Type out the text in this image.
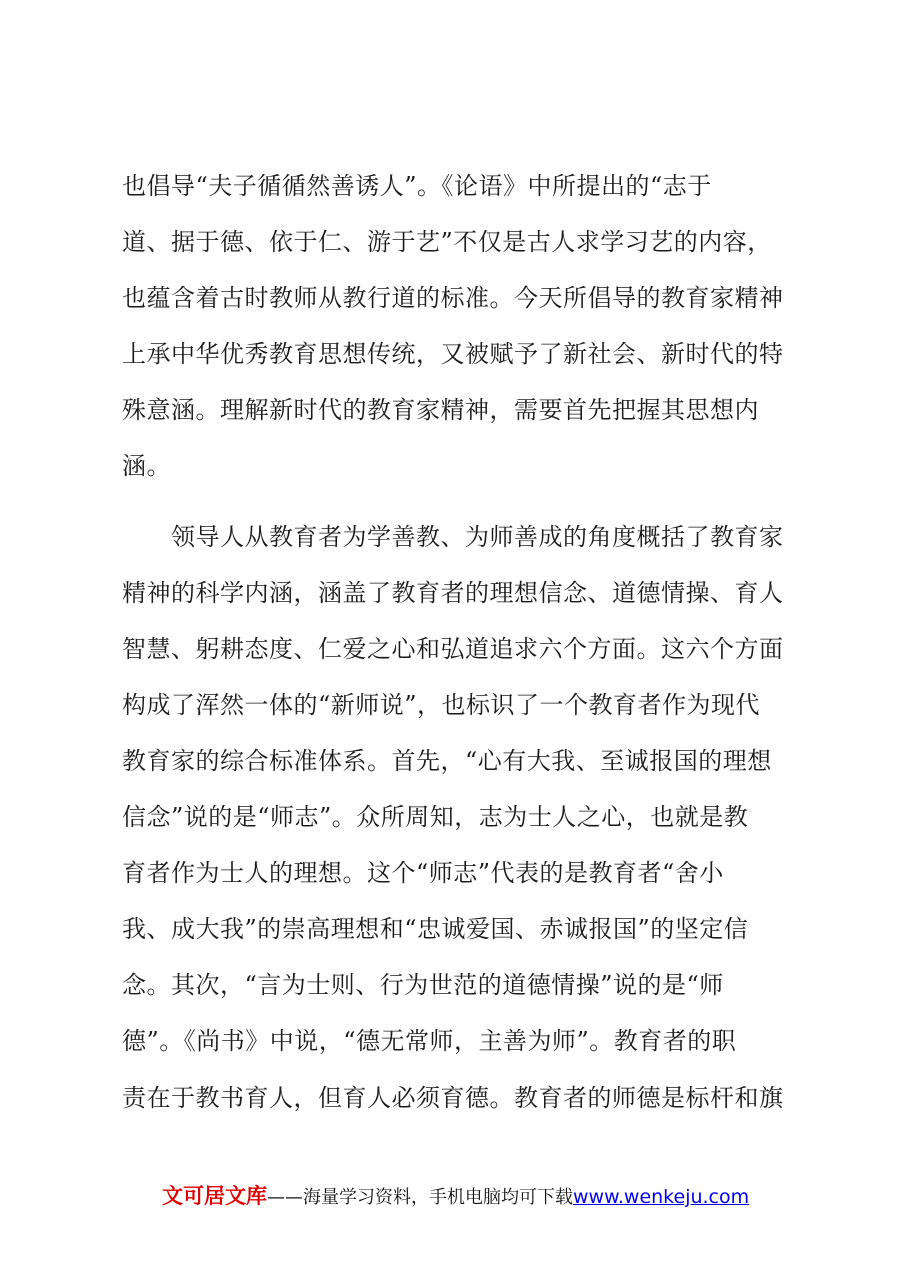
也倡导“夫子循循然善诱人”。《论语》中所提出的“志于
道、据于德、依于仁、游于艺”不仅是古人求学习艺的内容，
也蕴含着古时教师从教行道的标准。今天所倡导的教育家精神
上承中华优秀教育思想传统，又被赋予了新社会、新时代的特
殊意涵。理解新时代的教育家精神，需要首先把握其思想内
涵。
　　领导人从教育者为学善教、为师善成的角度概括了教育家
精神的科学内涵，涵盖了教育者的理想信念、道德情操、育人
智慧、躬耕态度、仁爱之心和弘道追求六个方面。这六个方面
构成了浑然一体的“新师说”，也标识了一个教育者作为现代
教育家的综合标准体系。首先，“心有大我、至诚报国的理想
信念”说的是“师志”。众所周知，志为士人之心，也就是教
育者作为士人的理想。这个“师志”代表的是教育者“舍小
我、成大我”的崇高理想和“忠诚爱国、赤诚报国”的坚定信
念。其次，“言为士则、行为世范的道德情操”说的是“师
德”。《尚书》中说，“德无常师，主善为师”。教育者的职
责在于教书育人，但育人必须育德。教育者的师德是标杆和旗
文可居文库 ——海量学习资料，手机电脑均可下载 www.wenkeju.com
